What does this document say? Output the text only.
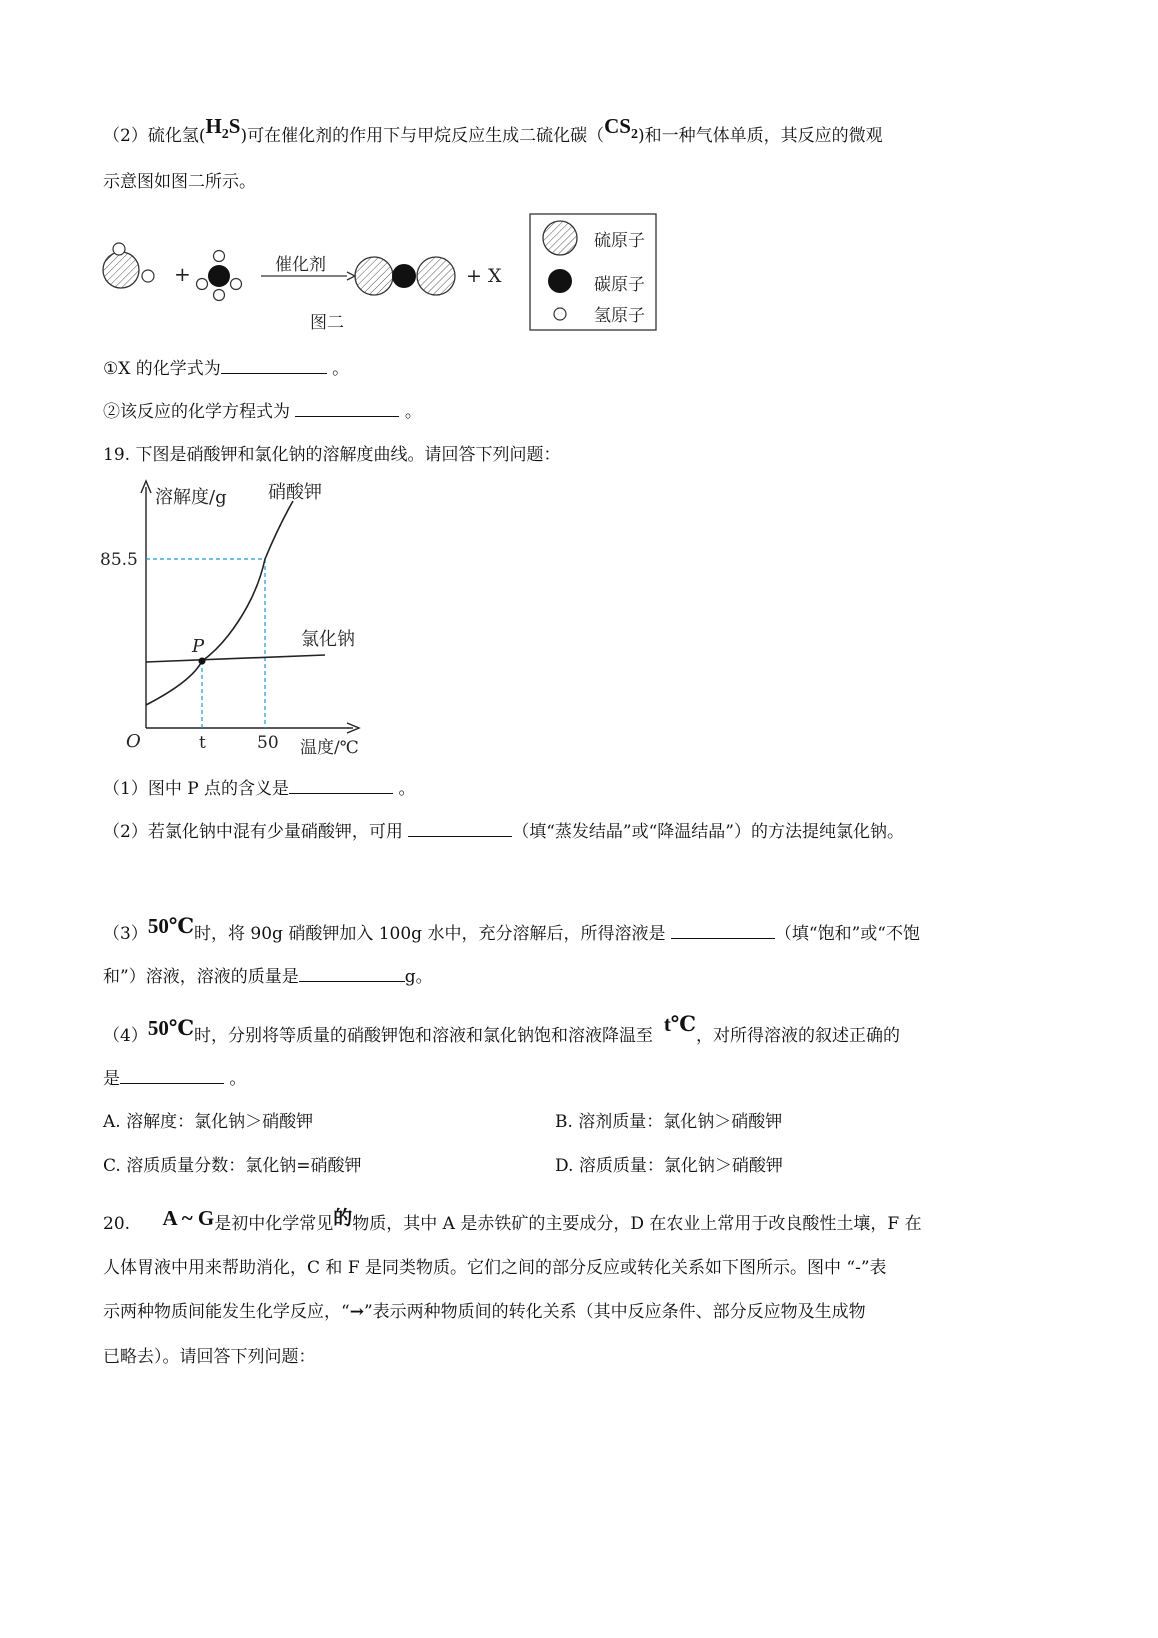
（2）硫化氢$(H_2S)$可在催化剂的作用下与甲烷反应生成二硫化碳$(CS_2)$和一种气体单质，其反应的微观
示意图如图二所示。
+	催化剂	+ X
图二
硫原子
碳原子
氢原子
①X 的化学式为	。
②该反应的化学方程式为	。
19. 下图是硝酸钾和氯化钠的溶解度曲线。请回答下列问题：
溶解度/g
温度/℃
O	t	50
85.5
P
硝酸钾
氯化钠
（1）图中 P 点的含义是	。
（2）若氯化钠中混有少量硝酸钾，可用	（填“蒸发结晶”或“降温结晶”）的方法提纯氯化钠。
（3）50℃时，将 90g 硝酸钾加入 100g 水中，充分溶解后，所得溶液是	（填“饱和”或“不饱
和”）溶液，溶液的质量是	g。
（4）50℃时，分别将等质量的硝酸钾饱和溶液和氯化钠饱和溶液降温至 t℃，对所得溶液的叙述正确的
是	。
A. 溶解度：氯化钠＞硝酸钾	B. 溶剂质量：氯化钠＞硝酸钾
C. 溶质质量分数：氯化钠=硝酸钾	D. 溶质质量：氯化钠＞硝酸钾
20. A ~ G是初中化学常见的物质，其中 A 是赤铁矿的主要成分，D 在农业上常用于改良酸性土壤，F 在
人体胃液中用来帮助消化，C 和 F 是同类物质。它们之间的部分反应或转化关系如下图所示。图中 “-”表
示两种物质间能发生化学反应，“→”表示两种物质间的转化关系（其中反应条件、部分反应物及生成物
已略去）。请回答下列问题：
